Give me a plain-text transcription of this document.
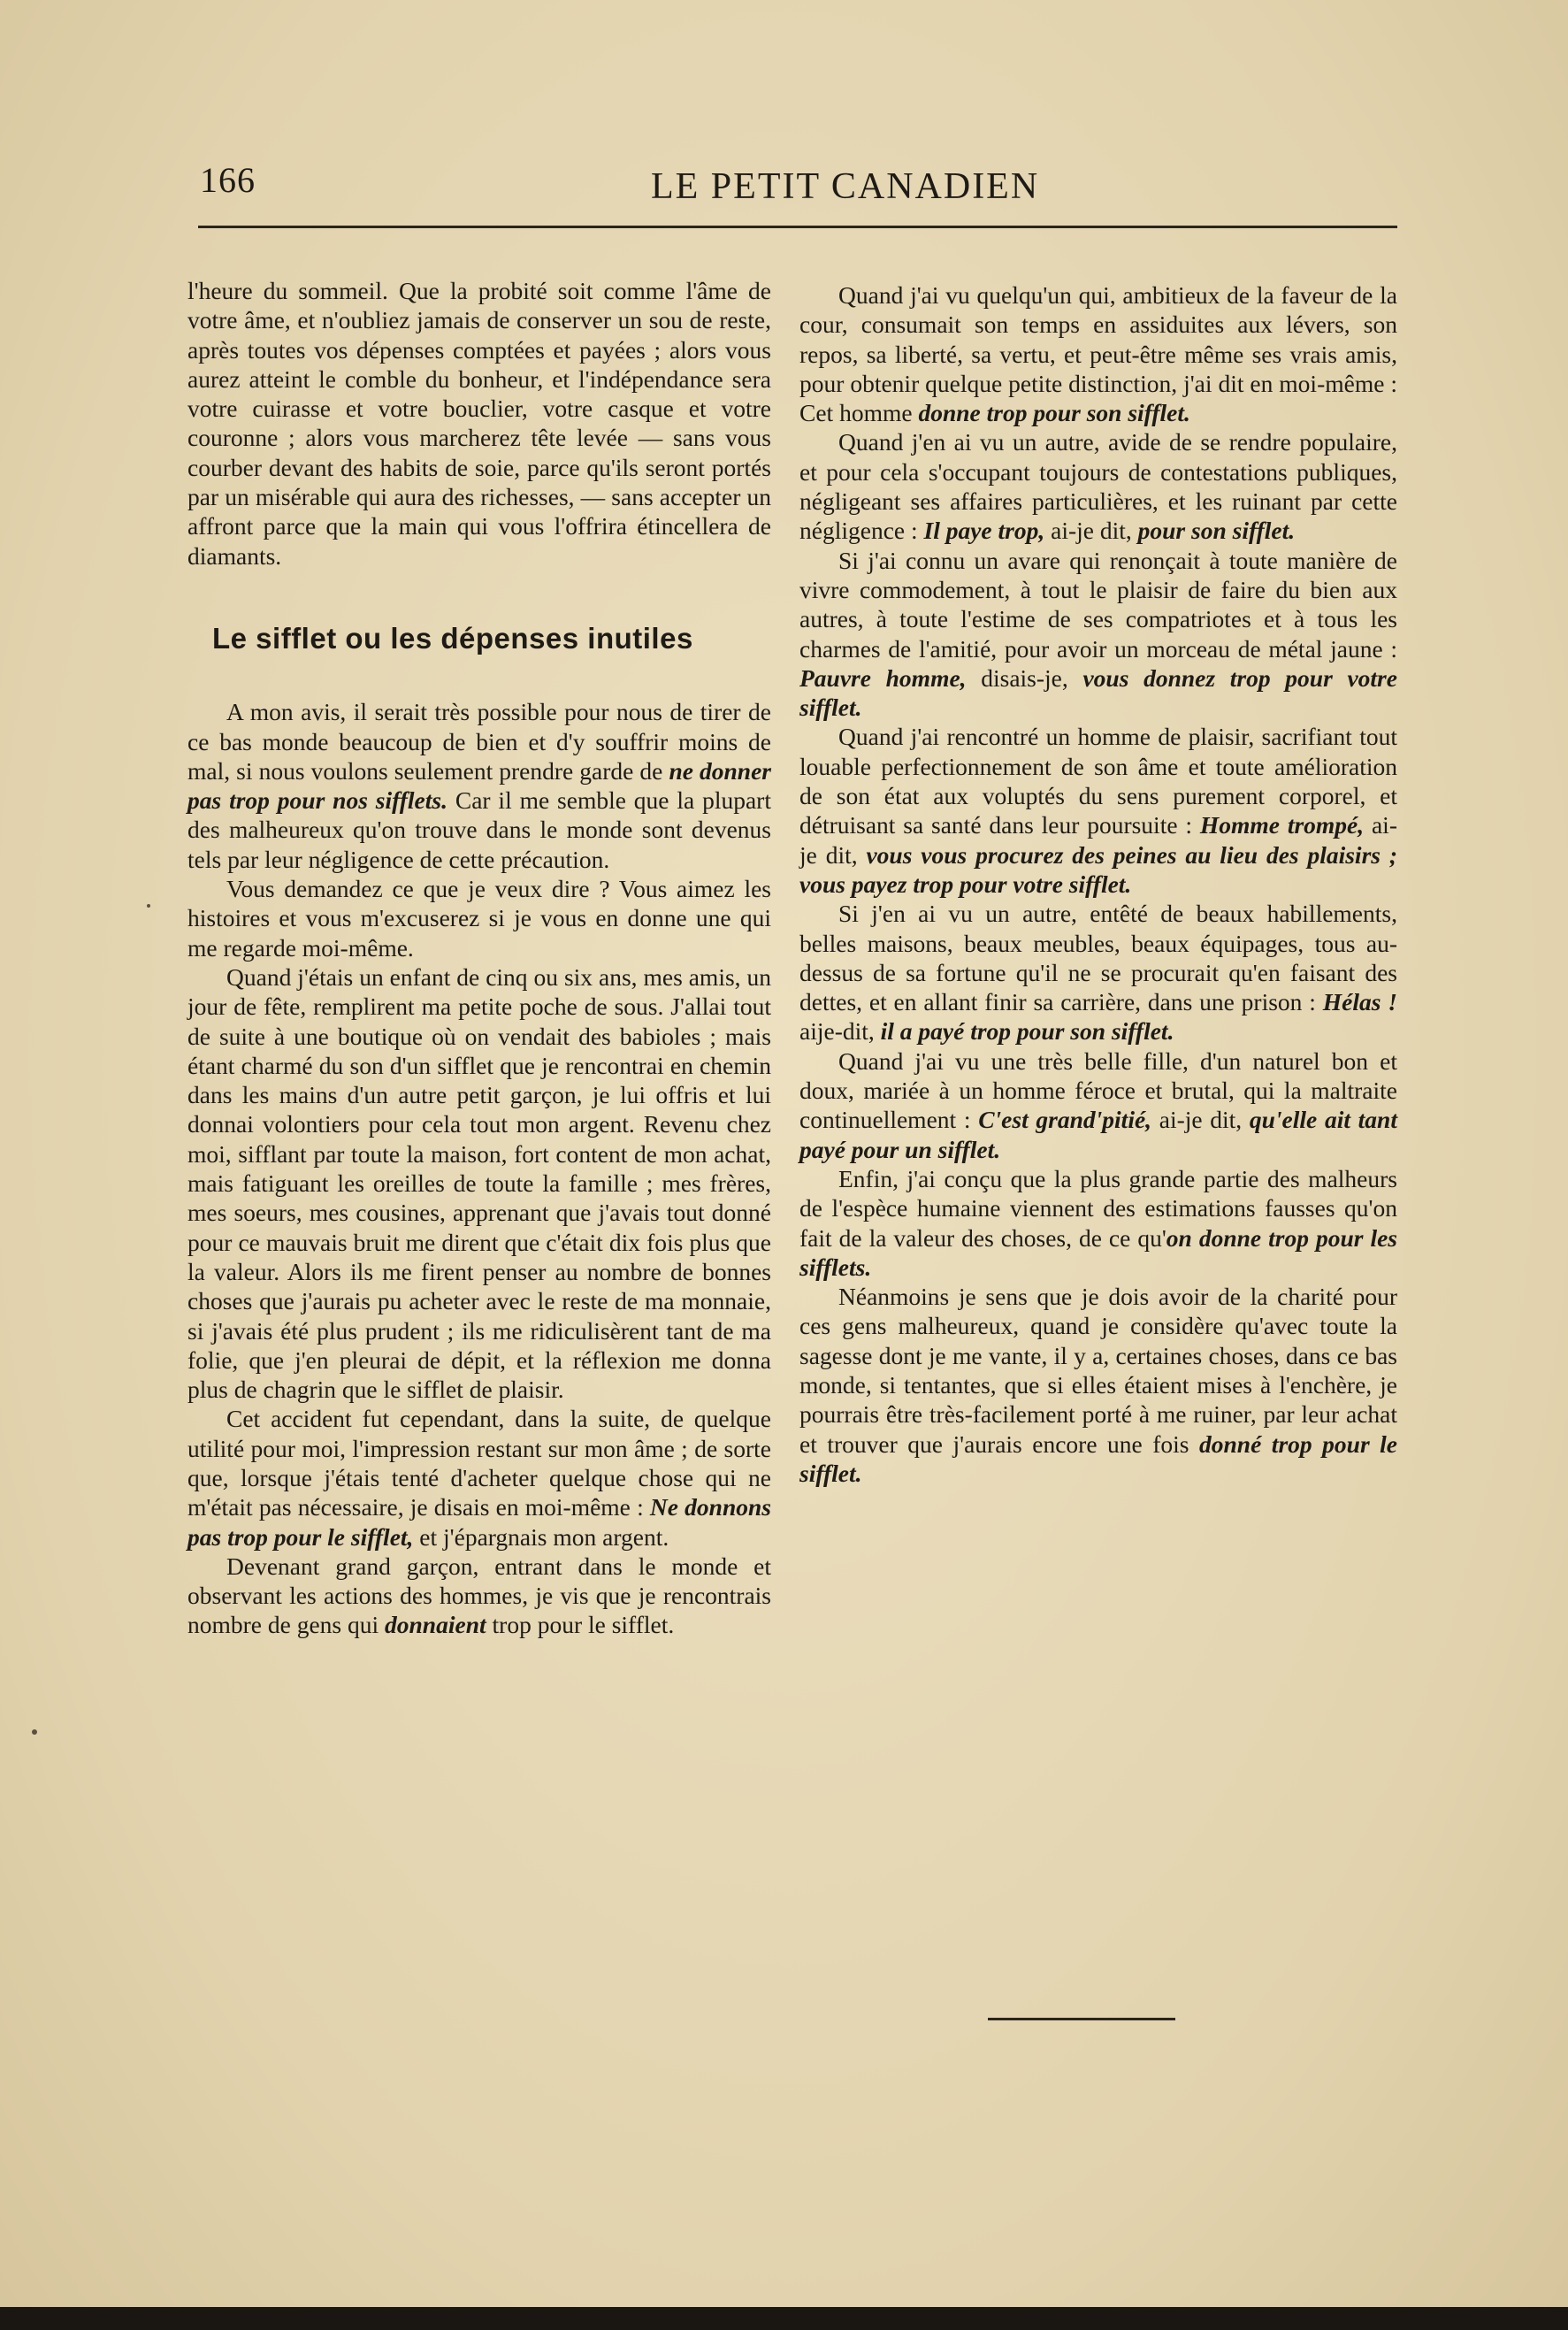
166	LE PETIT CANADIEN

l'heure du sommeil. Que la probité soit comme l'âme de votre âme, et n'oubliez jamais de conserver un sou de reste, après toutes vos dépenses comptées et payées ; alors vous aurez atteint le comble du bonheur, et l'indépendance sera votre cuirasse et votre bouclier, votre casque et votre couronne ; alors vous marcherez tête levée — sans vous courber devant des habits de soie, parce qu'ils seront portés par un misérable qui aura des richesses, — sans accepter un affront parce que la main qui vous l'offrira étincellera de diamants.

Le sifflet ou les dépenses inutiles

A mon avis, il serait très possible pour nous de tirer de ce bas monde beaucoup de bien et d'y souffrir moins de mal, si nous voulons seulement prendre garde de ne donner pas trop pour nos sifflets. Car il me semble que la plupart des malheureux qu'on trouve dans le monde sont devenus tels par leur négligence de cette précaution.

Vous demandez ce que je veux dire ? Vous aimez les histoires et vous m'excuserez si je vous en donne une qui me regarde moi-même.

Quand j'étais un enfant de cinq ou six ans, mes amis, un jour de fête, remplirent ma petite poche de sous. J'allai tout de suite à une boutique où on vendait des babioles ; mais étant charmé du son d'un sifflet que je rencontrai en chemin dans les mains d'un autre petit garçon, je lui offris et lui donnai volontiers pour cela tout mon argent. Revenu chez moi, sifflant par toute la maison, fort content de mon achat, mais fatiguant les oreilles de toute la famille ; mes frères, mes soeurs, mes cousines, apprenant que j'avais tout donné pour ce mauvais bruit me dirent que c'était dix fois plus que la valeur. Alors ils me firent penser au nombre de bonnes choses que j'aurais pu acheter avec le reste de ma monnaie, si j'avais été plus prudent ; ils me ridiculisèrent tant de ma folie, que j'en pleurai de dépit, et la réflexion me donna plus de chagrin que le sifflet de plaisir.

Cet accident fut cependant, dans la suite, de quelque utilité pour moi, l'impression restant sur mon âme ; de sorte que, lorsque j'étais tenté d'acheter quelque chose qui ne m'était pas nécessaire, je disais en moi-même : Ne donnons pas trop pour le sifflet, et j'épargnais mon argent.

Devenant grand garçon, entrant dans le monde et observant les actions des hommes, je vis que je rencontrais nombre de gens qui donnaient trop pour le sifflet.

Quand j'ai vu quelqu'un qui, ambitieux de la faveur de la cour, consumait son temps en assiduites aux lévers, son repos, sa liberté, sa vertu, et peut-être même ses vrais amis, pour obtenir quelque petite distinction, j'ai dit en moi-même : Cet homme donne trop pour son sifflet.

Quand j'en ai vu un autre, avide de se rendre populaire, et pour cela s'occupant toujours de contestations publiques, négligeant ses affaires particulières, et les ruinant par cette négligence : Il paye trop, ai-je dit, pour son sifflet.

Si j'ai connu un avare qui renonçait à toute manière de vivre commodement, à tout le plaisir de faire du bien aux autres, à toute l'estime de ses compatriotes et à tous les charmes de l'amitié, pour avoir un morceau de métal jaune : Pauvre homme, disais-je, vous donnez trop pour votre sifflet.

Quand j'ai rencontré un homme de plaisir, sacrifiant tout louable perfectionnement de son âme et toute amélioration de son état aux voluptés du sens purement corporel, et détruisant sa santé dans leur poursuite : Homme trompé, ai-je dit, vous vous procurez des peines au lieu des plaisirs ; vous payez trop pour votre sifflet.

Si j'en ai vu un autre, entêté de beaux habillements, belles maisons, beaux meubles, beaux équipages, tous au-dessus de sa fortune qu'il ne se procurait qu'en faisant des dettes, et en allant finir sa carrière, dans une prison : Hélas ! aije-dit, il a payé trop pour son sifflet.

Quand j'ai vu une très belle fille, d'un naturel bon et doux, mariée à un homme féroce et brutal, qui la maltraite continuellement : C'est grand'pitié, ai-je dit, qu'elle ait tant payé pour un sifflet.

Enfin, j'ai conçu que la plus grande partie des malheurs de l'espèce humaine viennent des estimations fausses qu'on fait de la valeur des choses, de ce qu'on donne trop pour les sifflets.

Néanmoins je sens que je dois avoir de la charité pour ces gens malheureux, quand je considère qu'avec toute la sagesse dont je me vante, il y a, certaines choses, dans ce bas monde, si tentantes, que si elles étaient mises à l'enchère, je pourrais être très-facilement porté à me ruiner, par leur achat et trouver que j'aurais encore une fois donné trop pour le sifflet.
